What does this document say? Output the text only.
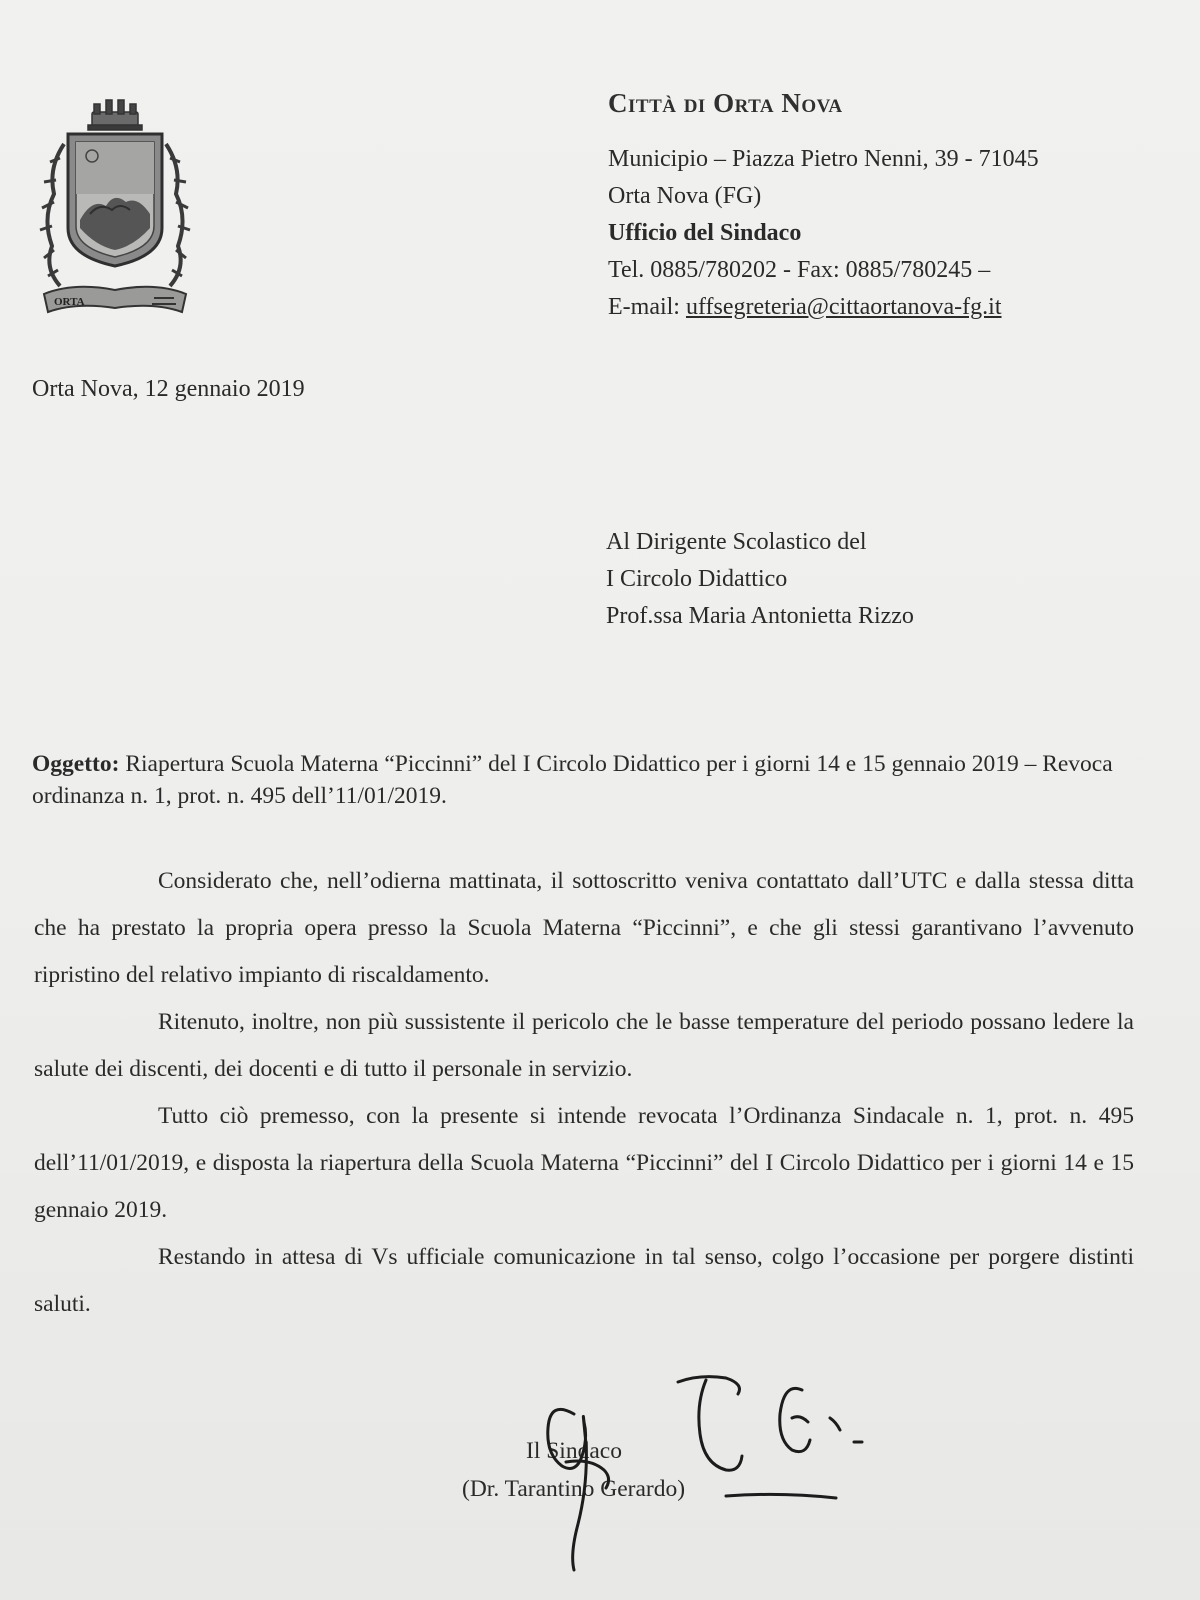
ORTA

Città di Orta Nova

Municipio – Piazza Pietro Nenni, 39 - 71045

Orta Nova (FG)

Ufficio del Sindaco

Tel. 0885/780202 - Fax: 0885/780245 –

E-mail: uffsegreteria@cittaortanova-fg.it

Orta Nova, 12 gennaio 2019

Al Dirigente Scolastico del

I Circolo Didattico

Prof.ssa Maria Antonietta Rizzo

Oggetto: Riapertura Scuola Materna “Piccinni” del I Circolo Didattico per i giorni 14 e 15 gennaio 2019 – Revoca ordinanza n. 1, prot. n. 495 dell’11/01/2019.

Considerato che, nell’odierna mattinata, il sottoscritto veniva contattato dall’UTC e dalla stessa ditta che ha prestato la propria opera presso la Scuola Materna “Piccinni”, e che gli stessi garantivano l’avvenuto ripristino del relativo impianto di riscaldamento.

Ritenuto, inoltre, non più sussistente il pericolo che le basse temperature del periodo possano ledere la salute dei discenti, dei docenti e di tutto il personale in servizio.

Tutto ciò premesso, con la presente si intende revocata l’Ordinanza Sindacale n. 1, prot. n. 495 dell’11/01/2019, e disposta la riapertura della Scuola Materna “Piccinni” del I Circolo Didattico per i giorni 14 e 15 gennaio 2019.

Restando in attesa di Vs ufficiale comunicazione in tal senso, colgo l’occasione per porgere distinti saluti.

Il Sindaco

(Dr. Tarantino Gerardo)
